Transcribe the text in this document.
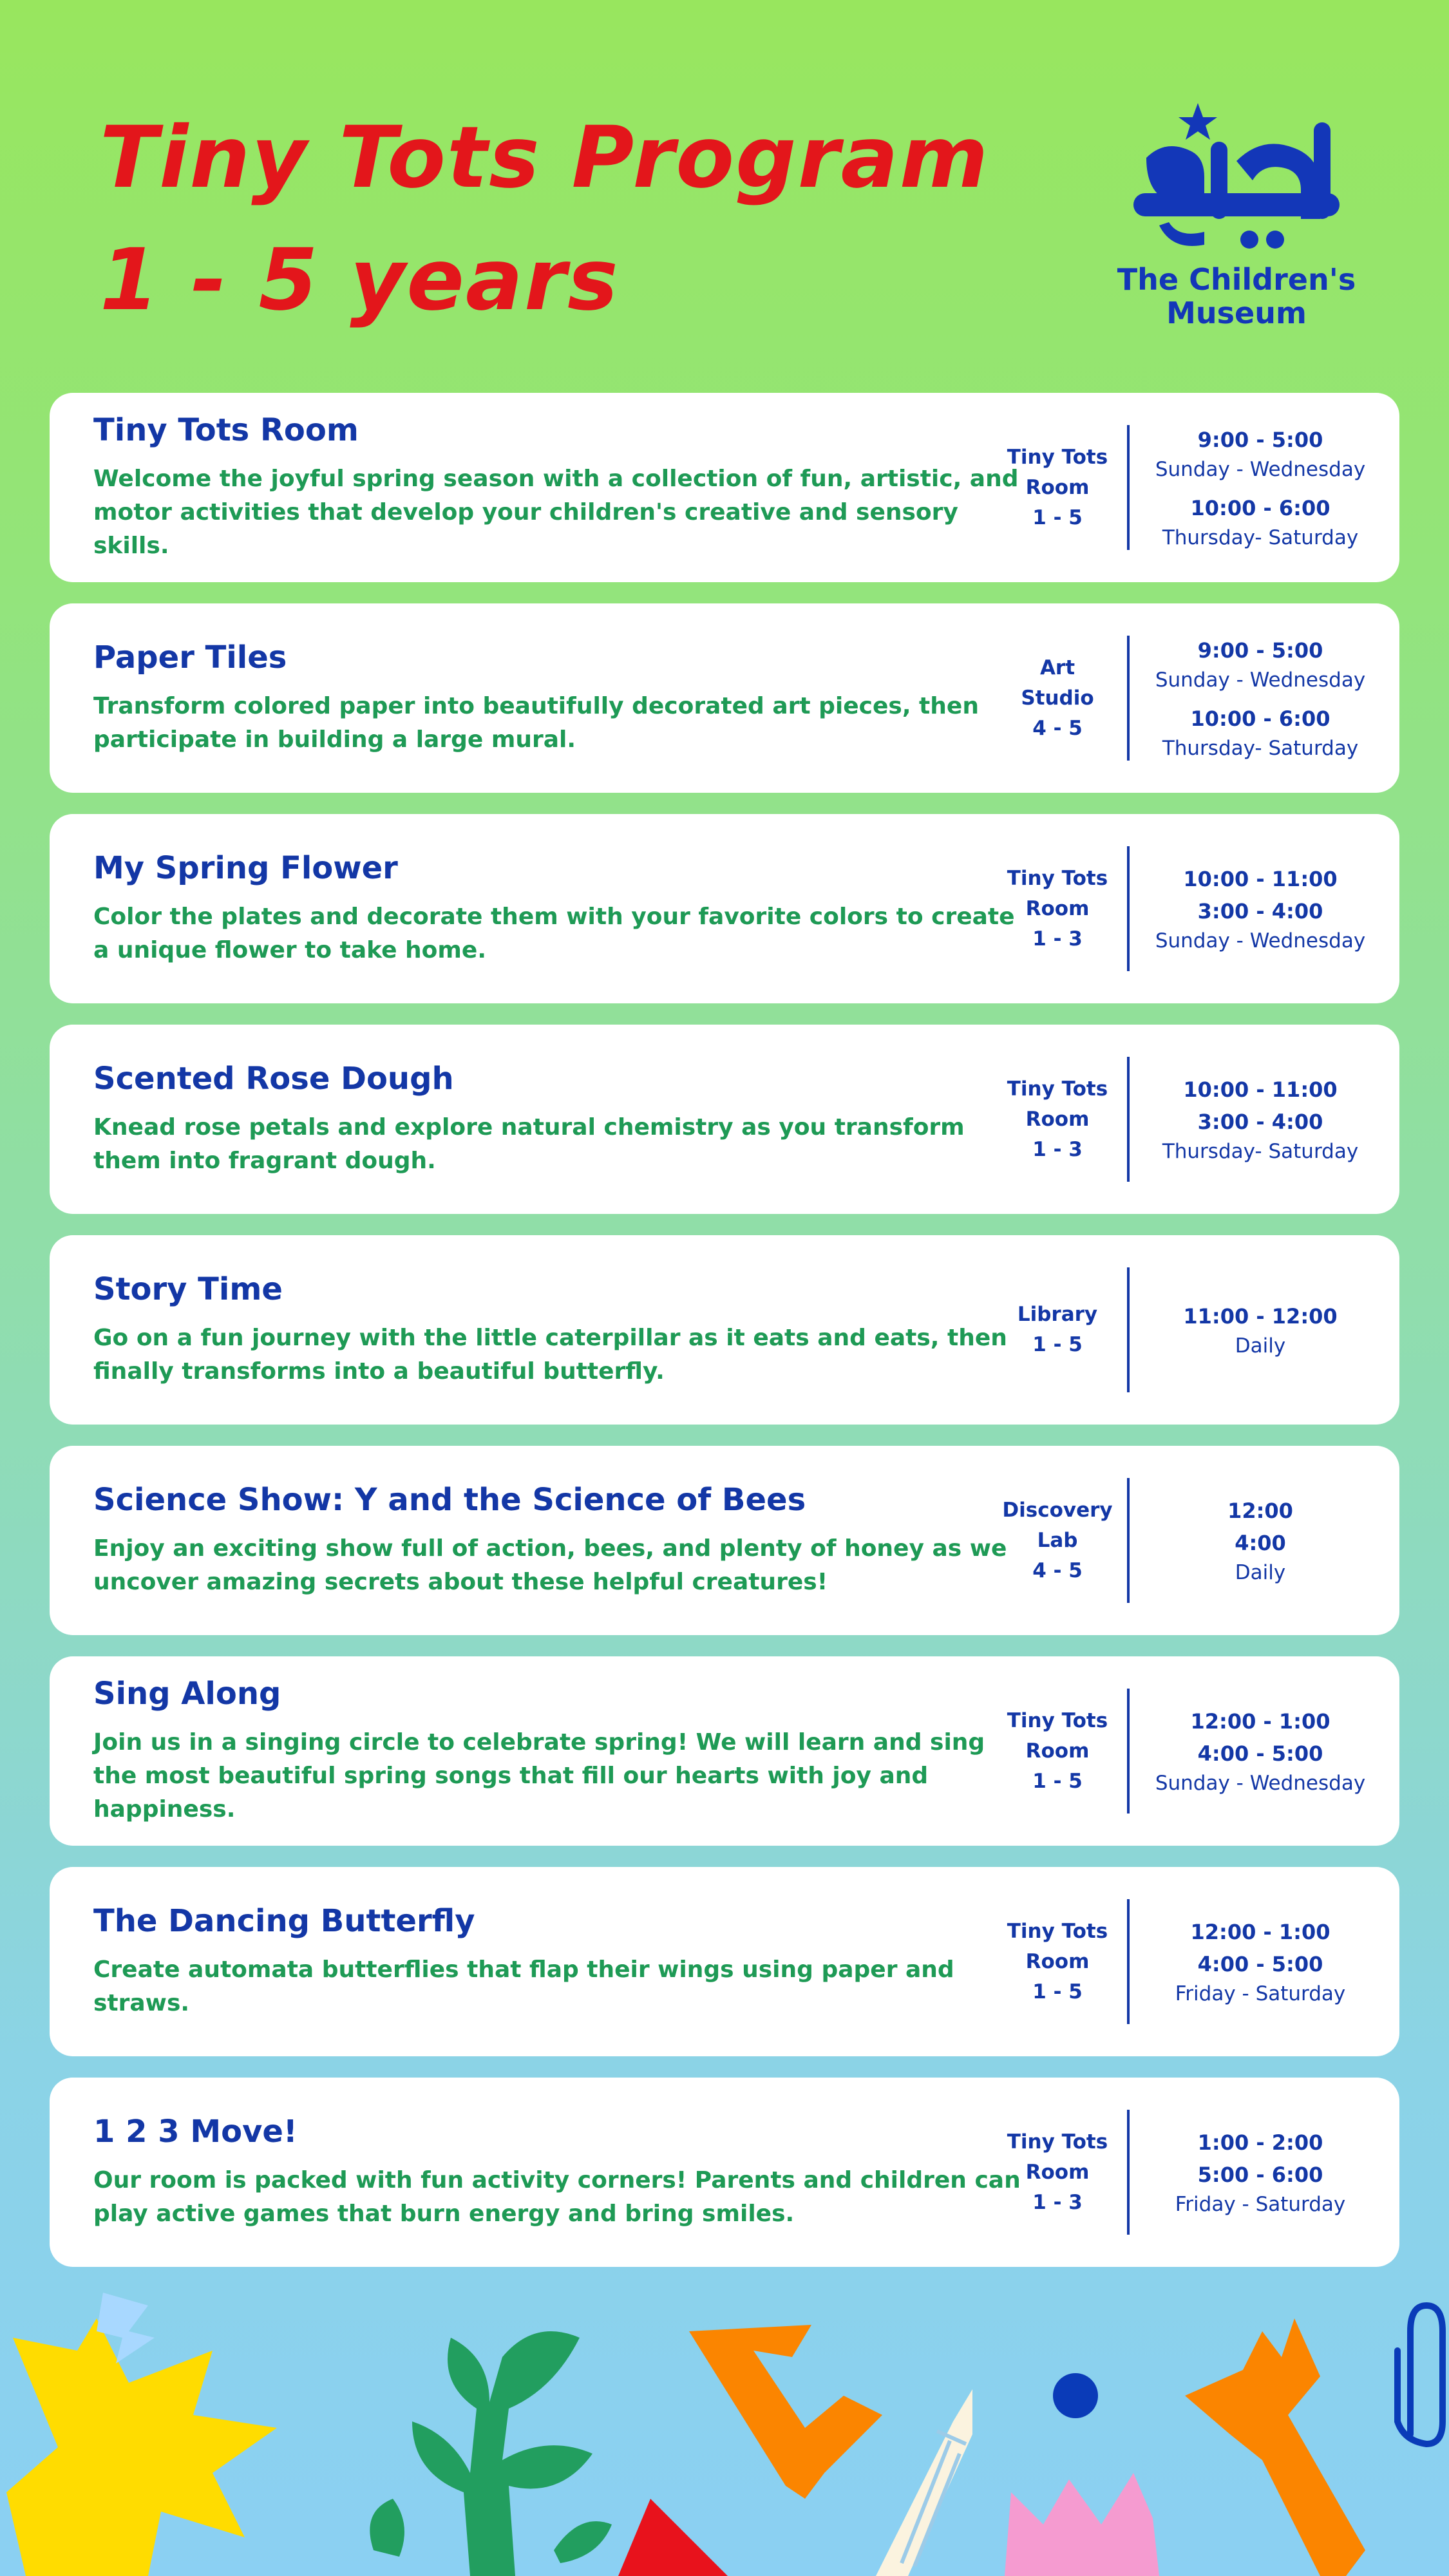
Tiny Tots Program
1 - 5 years	The Children's
Museum
Tiny Tots Room

Welcome the joyful spring season with a collection of fun, artistic, and motor activities that develop your children's creative and sensory skills.

Tiny Tots
Room
1 - 5
9:00 - 5:00
Sunday - Wednesday
10:00 - 6:00
Thursday- Saturday
Paper Tiles

Transform colored paper into beautifully decorated art pieces, then participate in building a large mural.

Art
Studio
4 - 5
9:00 - 5:00
Sunday - Wednesday
10:00 - 6:00
Thursday- Saturday
My Spring Flower

Color the plates and decorate them with your favorite colors to create a unique flower to take home.

Tiny Tots
Room
1 - 3
10:00 - 11:00
3:00 - 4:00
Sunday - Wednesday
Scented Rose Dough

Knead rose petals and explore natural chemistry as you transform them into fragrant dough.

Tiny Tots
Room
1 - 3
10:00 - 11:00
3:00 - 4:00
Thursday- Saturday
Story Time

Go on a fun journey with the little caterpillar as it eats and eats, then finally transforms into a beautiful butterfly.

Library
1 - 5
11:00 - 12:00
Daily
Science Show: Y and the Science of Bees

Enjoy an exciting show full of action, bees, and plenty of honey as we uncover amazing secrets about these helpful creatures!

Discovery
Lab
4 - 5
12:00
4:00
Daily
Sing Along

Join us in a singing circle to celebrate spring! We will learn and sing the most beautiful spring songs that fill our hearts with joy and happiness.

Tiny Tots
Room
1 - 5
12:00 - 1:00
4:00 - 5:00
Sunday - Wednesday
The Dancing Butterfly

Create automata butterflies that flap their wings using paper and straws.

Tiny Tots
Room
1 - 5
12:00 - 1:00
4:00 - 5:00
Friday - Saturday
1 2 3 Move!

Our room is packed with fun activity corners! Parents and children can play active games that burn energy and bring smiles.

Tiny Tots
Room
1 - 3
1:00 - 2:00
5:00 - 6:00
Friday - Saturday
